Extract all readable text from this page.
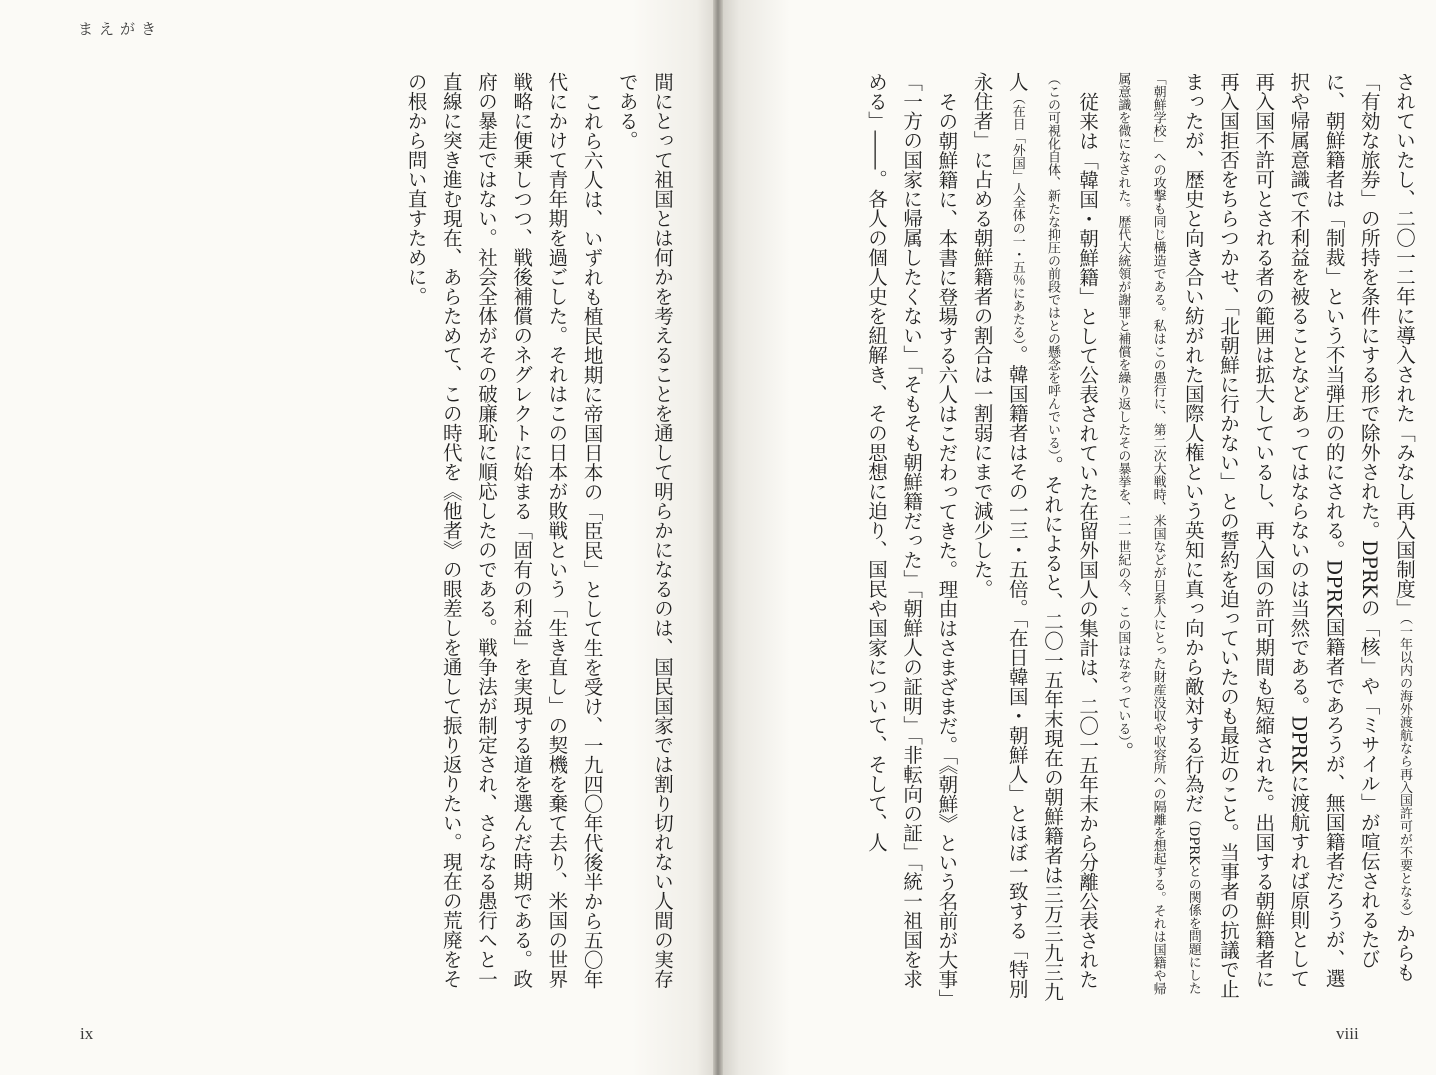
まえがき

間にとって祖国とは何かを考えることを通して明らかになるのは、国民国家では割り切れない人間の実存である。

これら六人は、いずれも植民地期に帝国日本の「臣民」として生を受け、一九四〇年代後半から五〇年代にかけて青年期を過ごした。それはこの日本が敗戦という「生き直し」の契機を棄て去り、米国の世界戦略に便乗しつつ、戦後補償のネグレクトに始まる「固有の利益」を実現する道を選んだ時期である。政府の暴走ではない。社会全体がその破廉恥に順応したのである。戦争法が制定され、さらなる愚行へと一直線に突き進む現在、あらためて、この時代を《他者》の眼差しを通して振り返りたい。現在の荒廃をその根から問い直すために。

ix

されていたし、二〇一二年に導入された「みなし再入国制度」（一年以内の海外渡航なら再入国許可が不要となる）からも「有効な旅券」の所持を条件にする形で除外された。DPRKの「核」や「ミサイル」が喧伝されるたびに、朝鮮籍者は「制裁」という不当弾圧の的にされる。DPRK国籍者であろうが、無国籍者だろうが、選択や帰属意識で不利益を被ることなどあってはならないのは当然である。DPRKに渡航すれば原則として再入国不許可とされる者の範囲は拡大しているし、再入国の許可期間も短縮された。出国する朝鮮籍者に再入国拒否をちらつかせ、「北朝鮮に行かない」との誓約を迫っていたのも最近のこと。当事者の抗議で止まったが、歴史と向き合い紡がれた国際人権という英知に真っ向から敵対する行為だ（DPRKとの関係を問題にした「朝鮮学校」への攻撃も同じ構造である。私はこの愚行に、第二次大戦時、米国などが日系人にとった財産没収や収容所への隔離を想起する。それは国籍や帰属意識を微になされた。歴代大統領が謝罪と補償を繰り返したその暴挙を、二一世紀の今、この国はなぞっている）。

従来は「韓国・朝鮮籍」として公表されていた在留外国人の集計は、二〇一五年末から分離公表された（この可視化自体、新たな抑圧の前段ではとの懸念を呼んでいる）。それによると、二〇一五年末現在の朝鮮籍者は三万三九三九人（在日「外国」人全体の一・五％にあたる）。韓国籍者はその一三・五倍。「在日韓国・朝鮮人」とほぼ一致する「特別永住者」に占める朝鮮籍者の割合は一割弱にまで減少した。

その朝鮮籍に、本書に登場する六人はこだわってきた。理由はさまざまだ。「《朝鮮》という名前が大事」「一方の国家に帰属したくない」「そもそも朝鮮籍だった」「朝鮮人の証明」「非転向の証」「統一祖国を求める」――。各人の個人史を紐解き、その思想に迫り、国民や国家について、そして、人

viii
